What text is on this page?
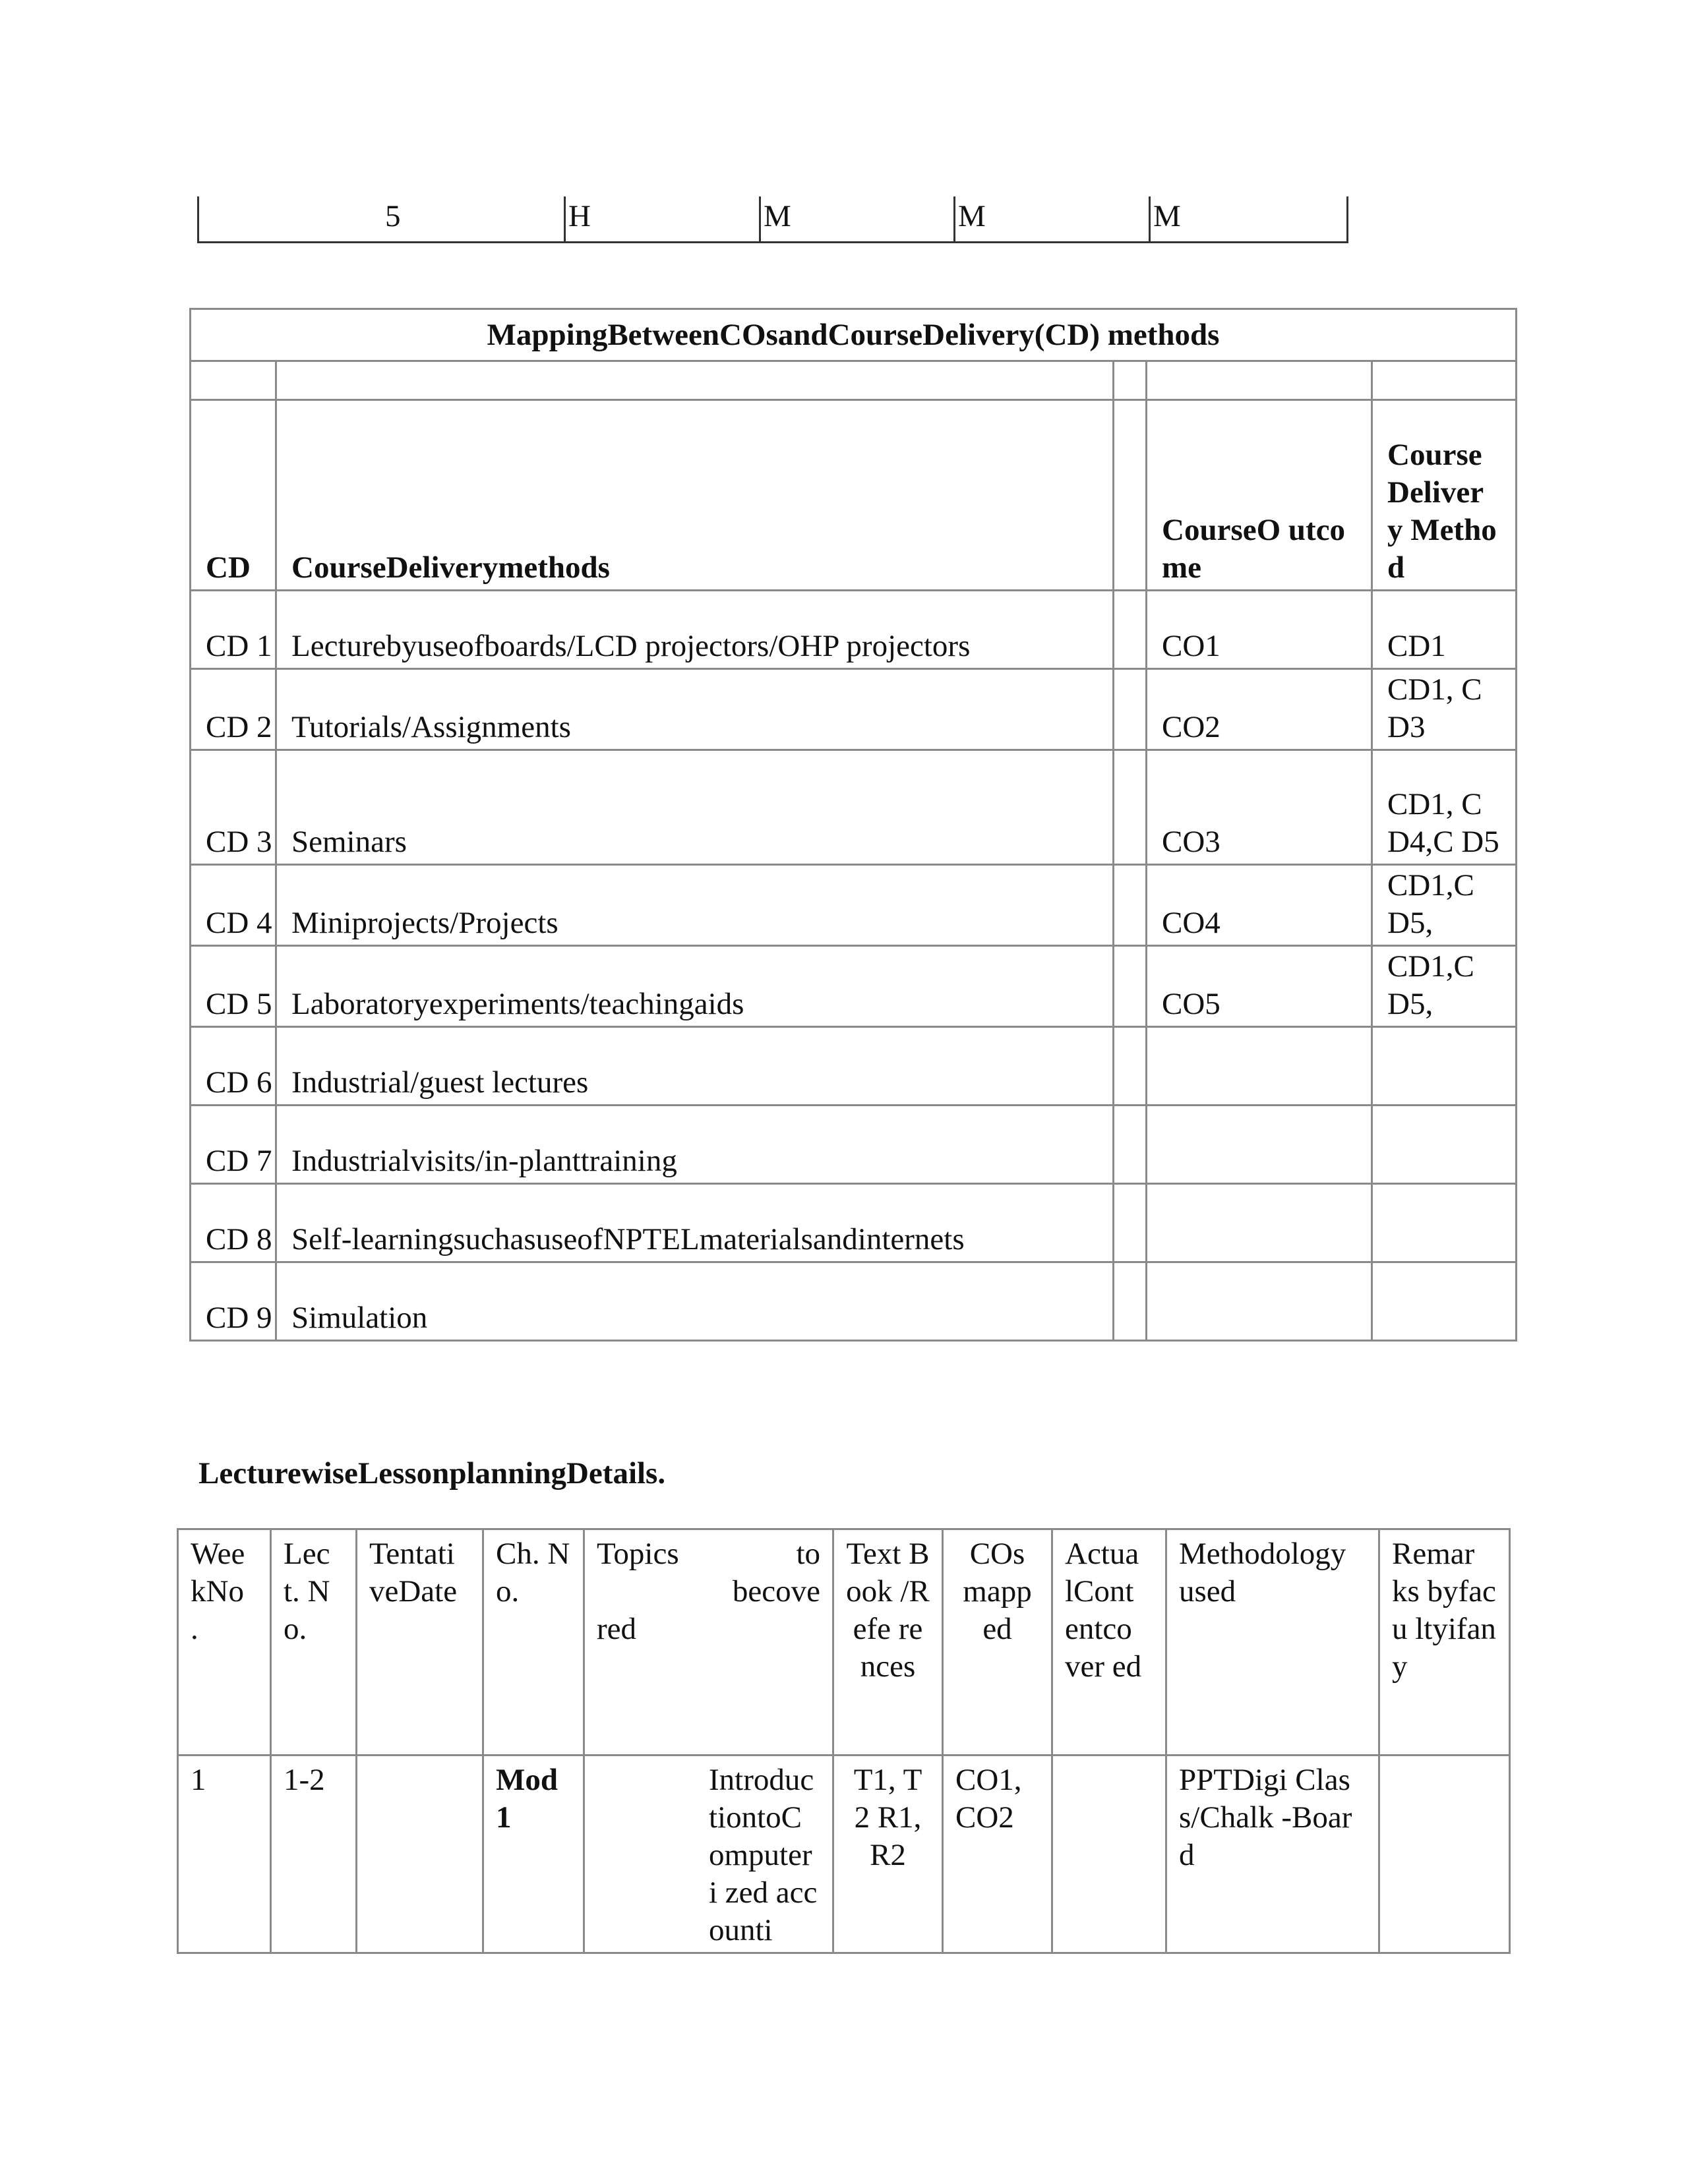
5	H	M	M	M
MappingBetweenCOsandCourseDelivery(CD) methods				

CD	CourseDeliverymethods		CourseO utcome	Course Deliver y Metho d
CD 1	Lecturebyuseofboards/LCD projectors/OHP projectors		CO1	CD1
CD 2	Tutorials/Assignments		CO2	CD1, CD3
CD 3	Seminars		CO3	CD1, CD4,C D5
CD 4	Miniprojects/Projects		CO4	CD1,C D5,
CD 5	Laboratoryexperiments/teachingaids		CO5	CD1,C D5,
CD 6	Industrial/guest lectures			
CD 7	Industrialvisits/in-planttraining			
CD 8	Self-learningsuchasuseofNPTELmaterialsandinternets			
CD 9	Simulation			
LecturewiseLessonplanningDetails.
Wee kNo .	Lec t. No.	Tentati veDate	Ch. No.	Topics to
becove
red	Text Book /Refe re nces	COs mapp ed	Actua lCont entco ver ed	Methodology used	Remar ks byfacu ltyifan y
1	1-2		Mod 1	Introduc tiontoC omputeri zed accounti	T1, T2 R1, R2	CO1, CO2		PPTDigi Class/Chalk -Board	
